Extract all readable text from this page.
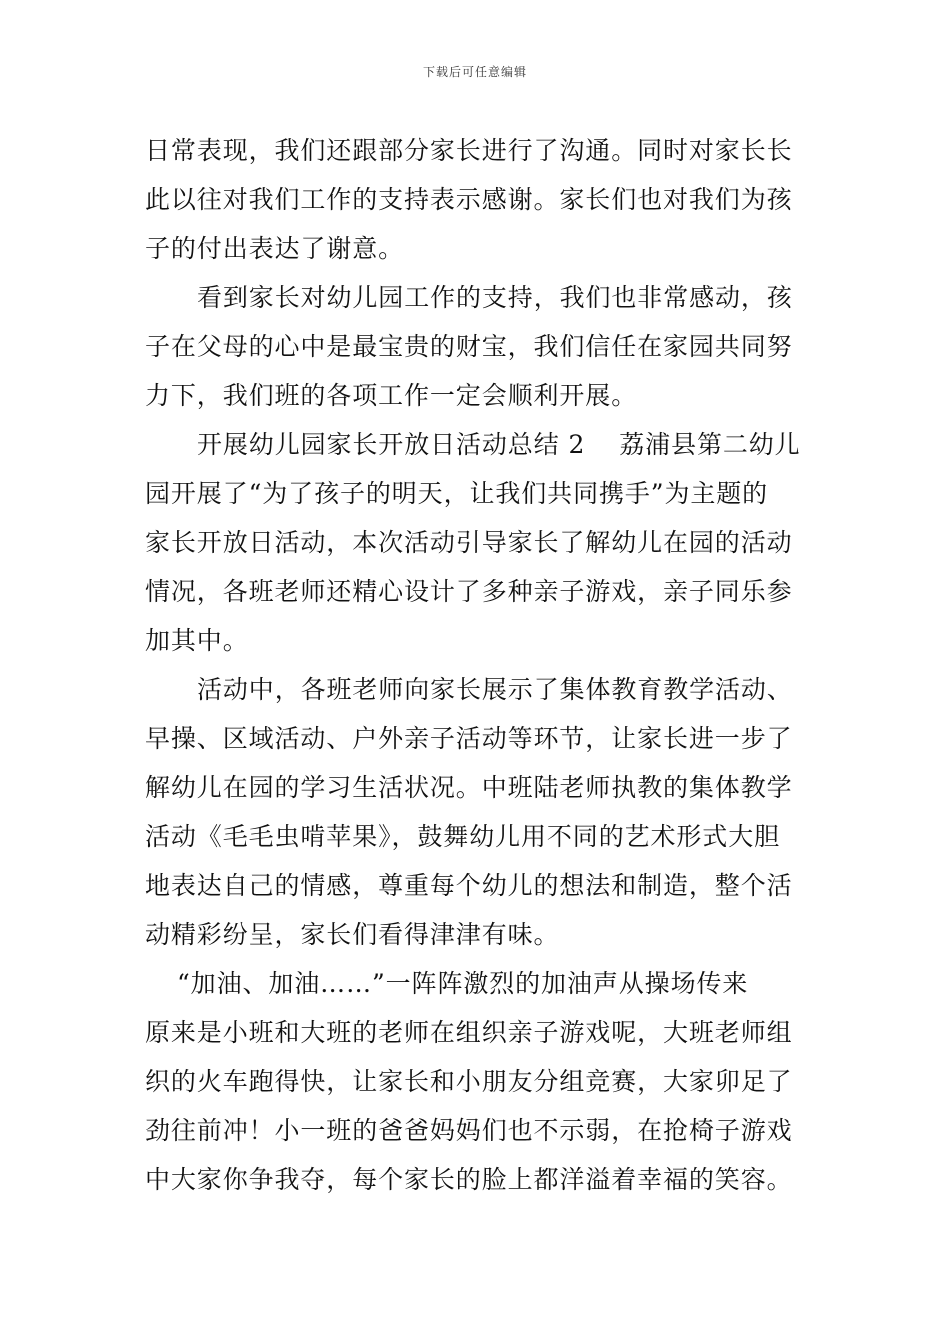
下载后可任意编辑
日常表现，我们还跟部分家长进行了沟通。同时对家长长
此以往对我们工作的支持表示感谢。家长们也对我们为孩
子的付出表达了谢意。
看到家长对幼儿园工作的支持，我们也非常感动，孩
子在父母的心中是最宝贵的财宝，我们信任在家园共同努
力下，我们班的各项工作一定会顺利开展。
开展幼儿园家长开放日活动总结 2 荔浦县第二幼儿
园开展了“为了孩子的明天，让我们共同携手”为主题的
家长开放日活动，本次活动引导家长了解幼儿在园的活动
情况，各班老师还精心设计了多种亲子游戏，亲子同乐参
加其中。
活动中，各班老师向家长展示了集体教育教学活动、
早操、区域活动、户外亲子活动等环节，让家长进一步了
解幼儿在园的学习生活状况。中班陆老师执教的集体教学
活动《毛毛虫啃苹果》，鼓舞幼儿用不同的艺术形式大胆
地表达自己的情感，尊重每个幼儿的想法和制造，整个活
动精彩纷呈，家长们看得津津有味。
“加油、加油……”一阵阵激烈的加油声从操场传来
原来是小班和大班的老师在组织亲子游戏呢，大班老师组
织的火车跑得快，让家长和小朋友分组竞赛，大家卯足了
劲往前冲！小一班的爸爸妈妈们也不示弱，在抢椅子游戏
中大家你争我夺，每个家长的脸上都洋溢着幸福的笑容。
